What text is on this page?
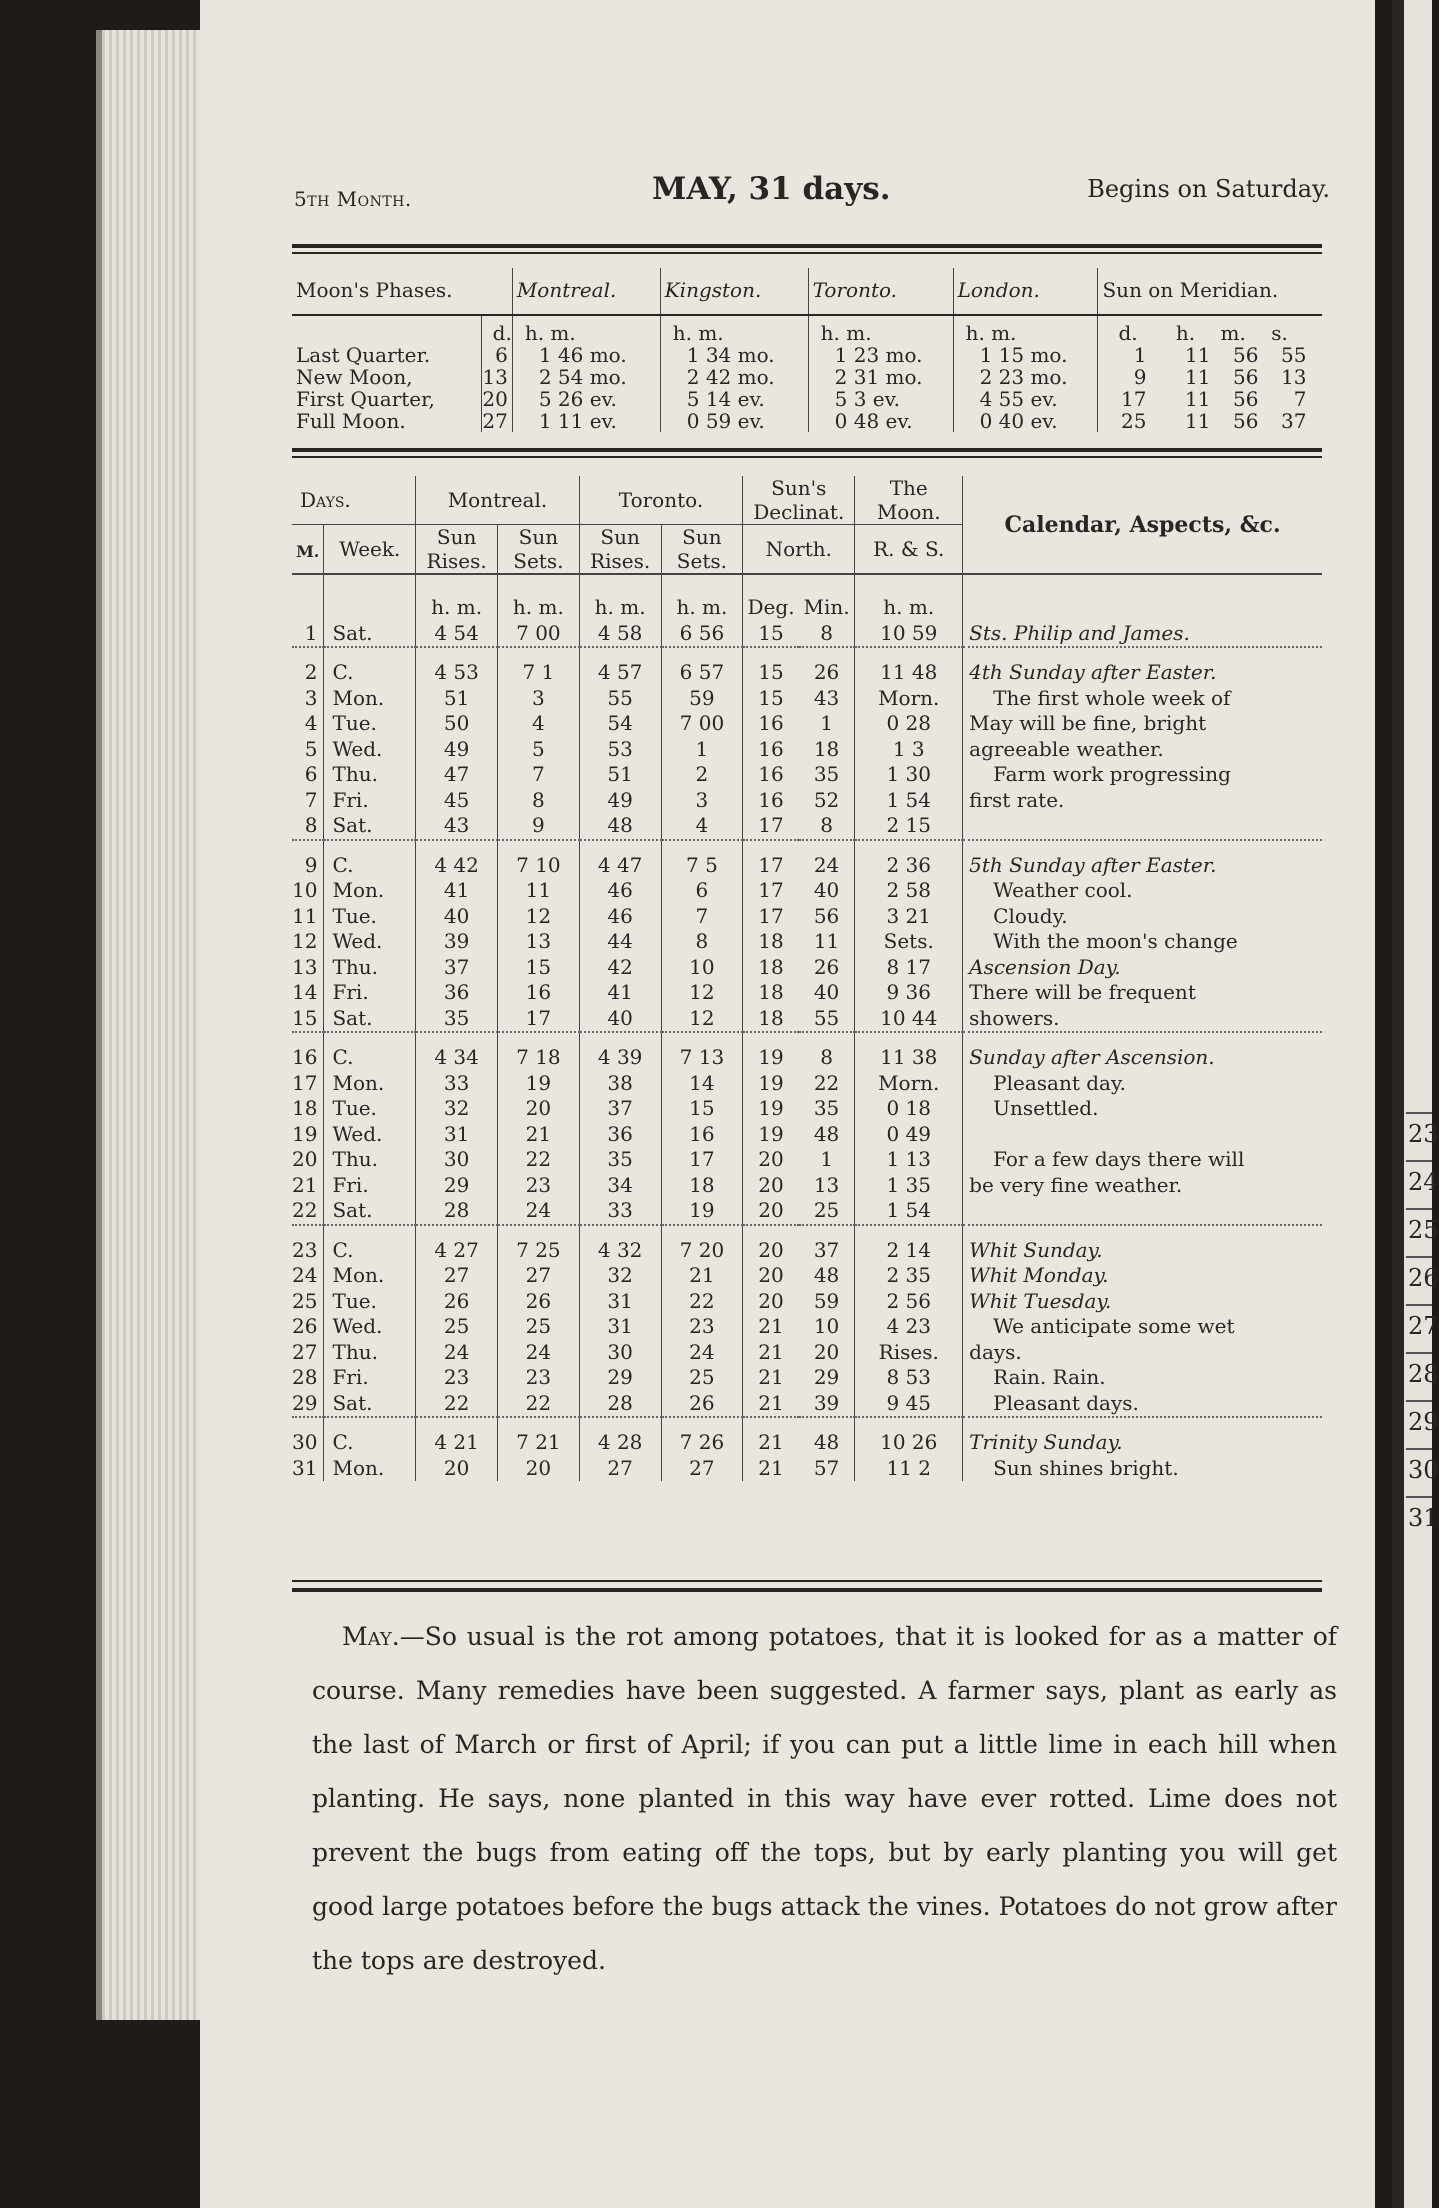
23
24
25
26
27
28
29
30
31
5th Month.	MAY, 31 days.	Begins on Saturday.
Moon's Phases.		Montreal.	Kingston.	Toronto.	London.	Sun on Meridian.
	d.	h. m.	h. m.	h. m.	h. m.	d. h. m. s.
Last Quarter.	6	1 46 mo.	1 34 mo.	1 23 mo.	1 15 mo.	1 11 56 55
New Moon,	13	2 54 mo.	2 42 mo.	2 31 mo.	2 23 mo.	9 11 56 13
First Quarter,	20	5 26 ev.	5 14 ev.	5 3 ev.	4 55 ev.	17 11 56 7
Full Moon.	27	1 11 ev.	0 59 ev.	0 48 ev.	0 40 ev.	25 11 56 37
Days.		Montreal.		Toronto.		Sun's Declinat.		The Moon.	Calendar, Aspects, &c.
M.	Week.	Sun Rises.	Sun Sets.	Sun Rises.	Sun Sets.	North.		R. & S.	
		h. m.	h. m.	h. m.	h. m.	Deg.	Min.	h. m.	
1	Sat.	4 54	7 00	4 58	6 56	15	8	10 59	Sts. Philip and James.
2	C.	4 53	7 1	4 57	6 57	15	26	11 48	4th Sunday after Easter.
3	Mon.	51	3	55	59	15	43	Morn.	The first whole week of
4	Tue.	50	4	54	7 00	16	1	0 28	May will be fine, bright
5	Wed.	49	5	53	1	16	18	1 3	agreeable weather.
6	Thu.	47	7	51	2	16	35	1 30	Farm work progressing
7	Fri.	45	8	49	3	16	52	1 54	first rate.
8	Sat.	43	9	48	4	17	8	2 15	
9	C.	4 42	7 10	4 47	7 5	17	24	2 36	5th Sunday after Easter.
10	Mon.	41	11	46	6	17	40	2 58	Weather cool.
11	Tue.	40	12	46	7	17	56	3 21	Cloudy.
12	Wed.	39	13	44	8	18	11	Sets.	With the moon's change
13	Thu.	37	15	42	10	18	26	8 17	Ascension Day.
14	Fri.	36	16	41	12	18	40	9 36	There will be frequent
15	Sat.	35	17	40	12	18	55	10 44	showers.
16	C.	4 34	7 18	4 39	7 13	19	8	11 38	Sunday after Ascension.
17	Mon.	33	19	38	14	19	22	Morn.	Pleasant day.
18	Tue.	32	20	37	15	19	35	0 18	Unsettled.
19	Wed.	31	21	36	16	19	48	0 49	
20	Thu.	30	22	35	17	20	1	1 13	For a few days there will
21	Fri.	29	23	34	18	20	13	1 35	be very fine weather.
22	Sat.	28	24	33	19	20	25	1 54	
23	C.	4 27	7 25	4 32	7 20	20	37	2 14	Whit Sunday.
24	Mon.	27	27	32	21	20	48	2 35	Whit Monday.
25	Tue.	26	26	31	22	20	59	2 56	Whit Tuesday.
26	Wed.	25	25	31	23	21	10	4 23	We anticipate some wet
27	Thu.	24	24	30	24	21	20	Rises.	days.
28	Fri.	23	23	29	25	21	29	8 53	Rain. Rain.
29	Sat.	22	22	28	26	21	39	9 45	Pleasant days.
30	C.	4 21	7 21	4 28	7 26	21	48	10 26	Trinity Sunday.
31	Mon.	20	20	27	27	21	57	11 2	Sun shines bright.
May.—So usual is the rot among potatoes, that it is looked for as a matter of course. Many remedies have been suggested. A farmer says, plant as early as the last of March or first of April; if you can put a little lime in each hill when planting. He says, none planted in this way have ever rotted. Lime does not prevent the bugs from eating off the tops, but by early planting you will get good large potatoes before the bugs attack the vines. Potatoes do not grow after the tops are destroyed.
